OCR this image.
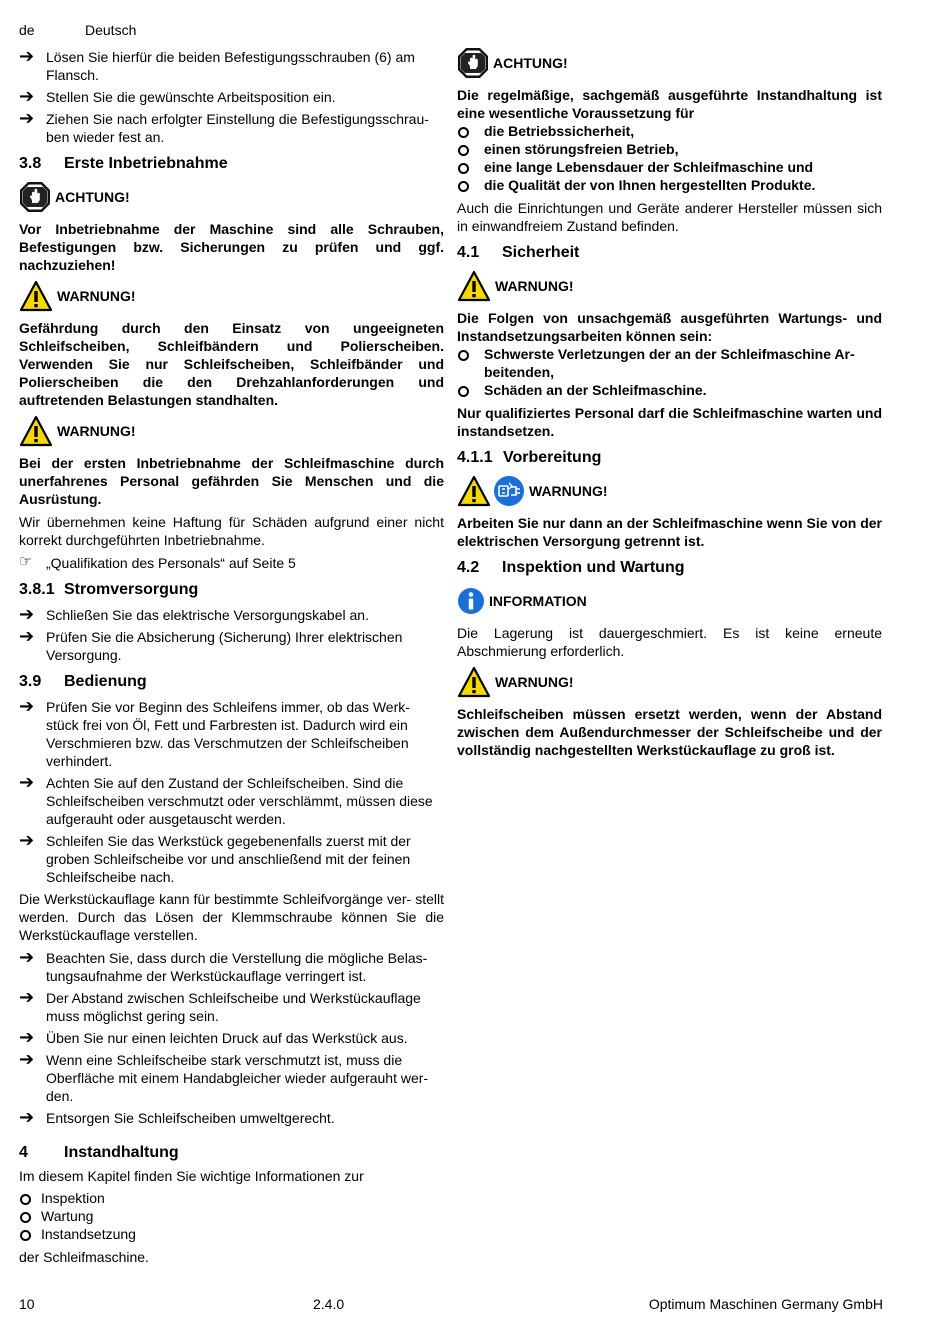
de	Deutsch
➔ Lösen Sie hierfür die beiden Befestigungsschrauben (6) am Flansch.
➔ Stellen Sie die gewünschte Arbeitsposition ein.
➔ Ziehen Sie nach erfolgter Einstellung die Befestigungsschrau- ben wieder fest an.
3.8 Erste Inbetriebnahme
ACHTUNG!

Vor Inbetriebnahme der Maschine sind alle Schrauben, Befestigungen bzw. Sicherungen zu prüfen und ggf. nachzuziehen!

WARNUNG!

Gefährdung durch den Einsatz von ungeeigneten Schleifscheiben, Schleifbändern und Polierscheiben. Verwenden Sie nur Schleifscheiben, Schleifbänder und Polierscheiben die den Drehzahlanforderungen und auftretenden Belastungen standhalten.

WARNUNG!

Bei der ersten Inbetriebnahme der Schleifmaschine durch unerfahrenes Personal gefährden Sie Menschen und die Ausrüstung.

Wir übernehmen keine Haftung für Schäden aufgrund einer nicht korrekt durchgeführten Inbetriebnahme.

☞ „Qualifikation des Personals“ auf Seite 5
3.8.1 Stromversorgung
➔ Schließen Sie das elektrische Versorgungskabel an.
➔ Prüfen Sie die Absicherung (Sicherung) Ihrer elektrischen Versorgung.
3.9 Bedienung
➔ Prüfen Sie vor Beginn des Schleifens immer, ob das Werk- stück frei von Öl, Fett und Farbresten ist. Dadurch wird ein Verschmieren bzw. das Verschmutzen der Schleifscheiben verhindert.
➔ Achten Sie auf den Zustand der Schleifscheiben. Sind die Schleifscheiben verschmutzt oder verschlämmt, müssen diese aufgerauht oder ausgetauscht werden.
➔ Schleifen Sie das Werkstück gegebenenfalls zuerst mit der groben Schleifscheibe vor und anschließend mit der feinen Schleifscheibe nach.

Die Werkstückauflage kann für bestimmte Schleifvorgänge ver- stellt werden. Durch das Lösen der Klemmschraube können Sie die Werkstückauflage verstellen.

➔ Beachten Sie, dass durch die Verstellung die mögliche Belas- tungsaufnahme der Werkstückauflage verringert ist.
➔ Der Abstand zwischen Schleifscheibe und Werkstückauflage muss möglichst gering sein.
➔ Üben Sie nur einen leichten Druck auf das Werkstück aus.
➔ Wenn eine Schleifscheibe stark verschmutzt ist, muss die Oberfläche mit einem Handabgleicher wieder aufgerauht wer- den.
➔ Entsorgen Sie Schleifscheiben umweltgerecht.
4 Instandhaltung

Im diesem Kapitel finden Sie wichtige Informationen zur

Inspektion
Wartung
Instandsetzung

der Schleifmaschine.

ACHTUNG!

Die regelmäßige, sachgemäß ausgeführte Instandhaltung ist eine wesentliche Voraussetzung für

die Betriebssicherheit,
einen störungsfreien Betrieb,
eine lange Lebensdauer der Schleifmaschine und
die Qualität der von Ihnen hergestellten Produkte.

Auch die Einrichtungen und Geräte anderer Hersteller müssen sich in einwandfreiem Zustand befinden.

4.1 Sicherheit
WARNUNG!

Die Folgen von unsachgemäß ausgeführten Wartungs- und Instandsetzungsarbeiten können sein:

Schwerste Verletzungen der an der Schleifmaschine Ar- beitenden,
Schäden an der Schleifmaschine.

Nur qualifiziertes Personal darf die Schleifmaschine warten und instandsetzen.

4.1.1 Vorbereitung
WARNUNG!

Arbeiten Sie nur dann an der Schleifmaschine wenn Sie von der elektrischen Versorgung getrennt ist.

4.2 Inspektion und Wartung
INFORMATION

Die Lagerung ist dauergeschmiert. Es ist keine erneute Abschmierung erforderlich.

WARNUNG!

Schleifscheiben müssen ersetzt werden, wenn der Abstand zwischen dem Außendurchmesser der Schleifscheibe und der vollständig nachgestellten Werkstückauflage zu groß ist.

10	2.4.0	Optimum Maschinen Germany GmbH
